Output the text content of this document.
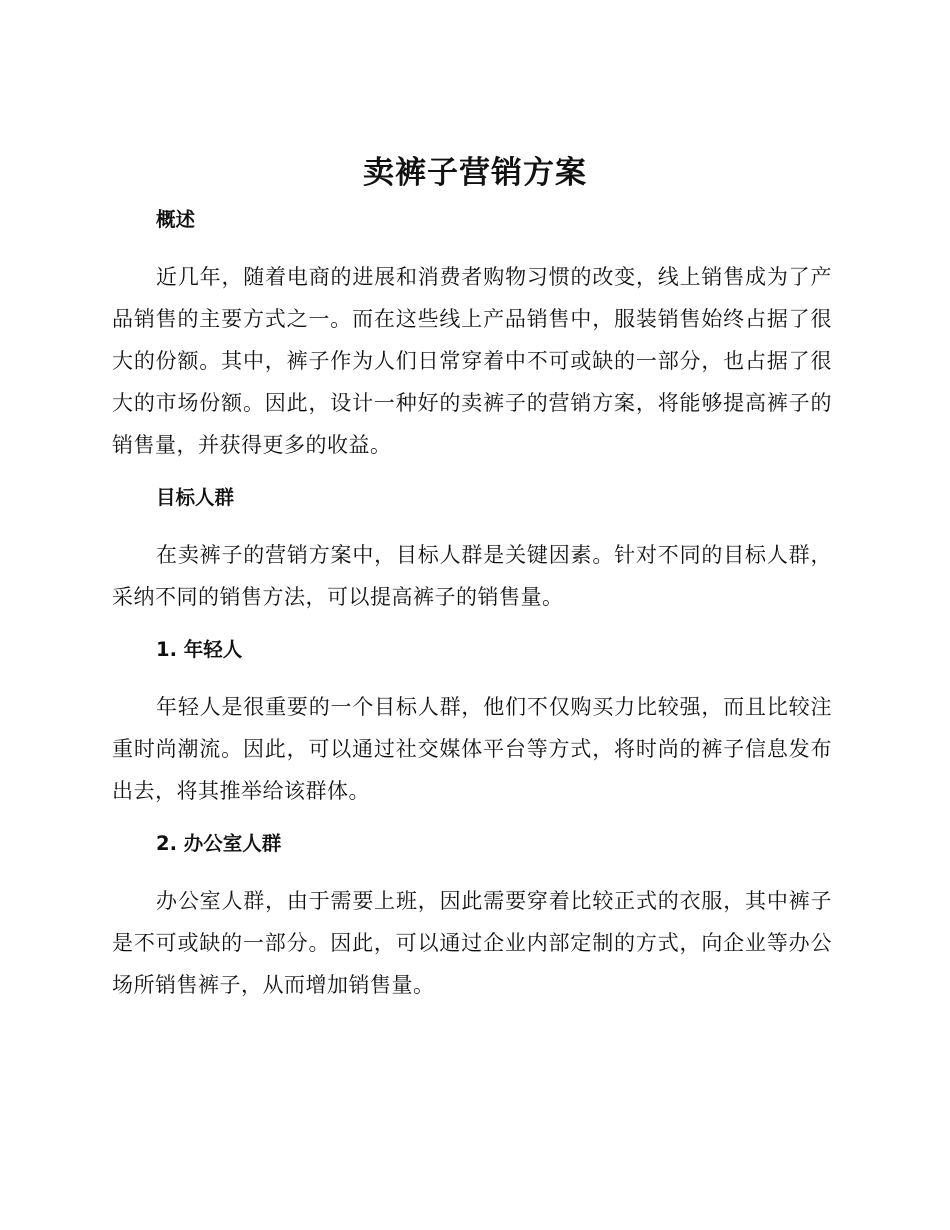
卖裤子营销方案
概述
近几年，随着电商的进展和消费者购物习惯的改变，线上销售成为了产品销售的主要方式之一。而在这些线上产品销售中，服装销售始终占据了很大的份额。其中，裤子作为人们日常穿着中不可或缺的一部分，也占据了很大的市场份额。因此，设计一种好的卖裤子的营销方案，将能够提高裤子的销售量，并获得更多的收益。
目标人群
在卖裤子的营销方案中，目标人群是关键因素。针对不同的目标人群，采纳不同的销售方法，可以提高裤子的销售量。
1. 年轻人
年轻人是很重要的一个目标人群，他们不仅购买力比较强，而且比较注重时尚潮流。因此，可以通过社交媒体平台等方式，将时尚的裤子信息发布出去，将其推举给该群体。
2. 办公室人群
办公室人群，由于需要上班，因此需要穿着比较正式的衣服，其中裤子是不可或缺的一部分。因此，可以通过企业内部定制的方式，向企业等办公场所销售裤子，从而增加销售量。
